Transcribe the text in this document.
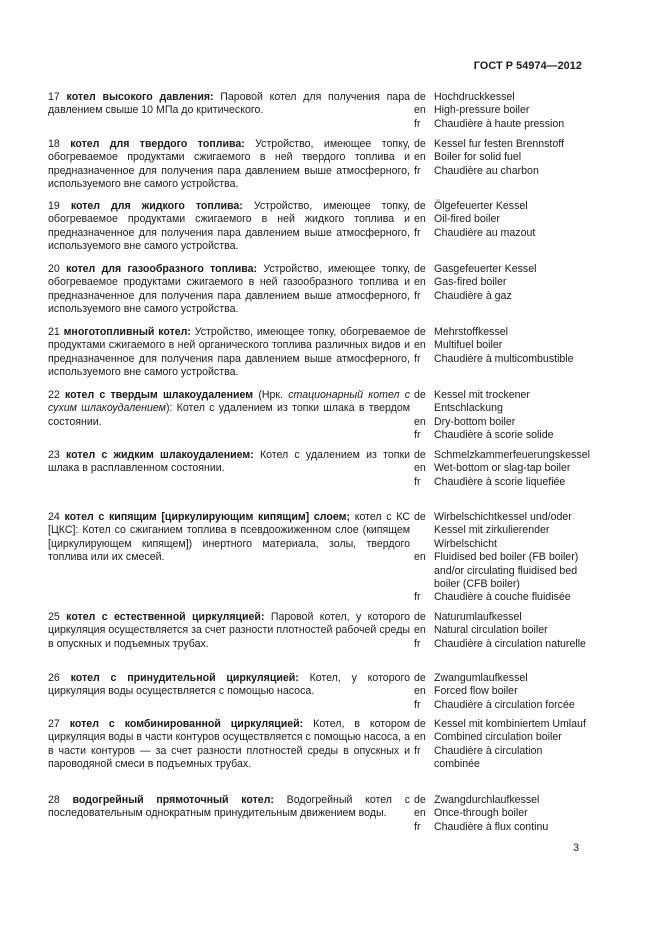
ГОСТ Р 54974—2012
17 котел высокого давления: Паровой котел для получения пара давлением свыше 10 МПа до критического.
de Hochdruckkessel
en High-pressure boiler
fr	Chaudière à haute pression
18 котел для твердого топлива: Устройство, имеющее топку, обогреваемое продуктами сжигаемого в ней твердого топлива и предназначенное для получения пара давлением выше атмосферного, используемого вне самого устройства.
de Kessel fur festen Brennstoff
en Boiler for solid fuel
fr	Chaudière au charbon
19 котел для жидкого топлива: Устройство, имеющее топку, обогреваемое продуктами сжигаемого в ней жидкого топлива и предназначенное для получения пара давлением выше атмосферного, используемого вне самого устройства.
de Ölgefeuerter Kessel
en Oil-fired boiler
fr	Chaudière au mazout
20 котел для газообразного топлива: Устройство, имеющее топку, обогреваемое продуктами сжигаемого в ней газообразного топлива и предназначенное для получения пара давлением выше атмосферного, используемого вне самого устройства.
de Gasgefeuerter Kessel
en Gas-fired boiler
fr	Chaudière à gaz
21 многотопливный котел: Устройство, имеющее топку, обогреваемое продуктами сжигаемого в ней органического топлива различных видов и предназначенное для получения пара давлением выше атмосферного, используемого вне самого устройства.
de Mehrstoffkessel
en Multifuel boiler
fr	Chaudière à multicombustible
22 котел с твердым шлакоудалением (Нрк. стационарный котел с сухим шлакоудалением): Котел с удалением из топки шлака в твердом состоянии.
de Kessel mit trockener Entschlackung
en Dry-bottom boiler
fr	Chaudière à scorie solide
23 котел с жидким шлакоудалением: Котел с удалением из топки шлака в расплавленном состоянии.
de Schmelzkammerfeuerungskessel
en Wet-bottom or slag-tap boiler
fr	Chaudière à scorie liquefiée
24 котел с кипящим [циркулирующим кипящим] слоем; котел с КС [ЦКС]: Котел со сжиганием топлива в псевдоожиженном слое (кипящем [циркулирующем кипящем]) инертного материала, золы, твердого топлива или их смесей.
de Wirbelschichtkessel und/oder Kessel mit zirkulierender Wirbelschicht
en Fluidised bed boiler (FB boiler) and/or circulating fluidised bed boiler (CFB boiler)
fr	Chaudière à couche fluidisée
25 котел с естественной циркуляцией: Паровой котел, у которого циркуляция осуществляется за счет разности плотностей рабочей среды в опускных и подъемных трубах.
de Naturumlaufkessel
en Natural circulation boiler
fr	Chaudière à circulation naturelle
26 котел с принудительной циркуляцией: Котел, у которого циркуляция воды осуществляется с помощью насоса.
de Zwangumlaufkessel
en Forced flow boiler
fr	Chaudière à circulation forcée
27 котел с комбинированной циркуляцией: Котел, в котором циркуляция воды в части контуров осуществляется с помощью насоса, а в части контуров — за счет разности плотностей среды в опускных и пароводяной смеси в подъемных трубах.
de Kessel mit kombiniertem Umlauf
en Combined circulation boiler
fr	Chaudière à circulation combinée
28 водогрейный прямоточный котел: Водогрейный котел с последовательным однократным принудительным движением воды.
de Zwangdurchlaufkessel
en Once-through boiler
fr	Chaudière à flux continu
3
